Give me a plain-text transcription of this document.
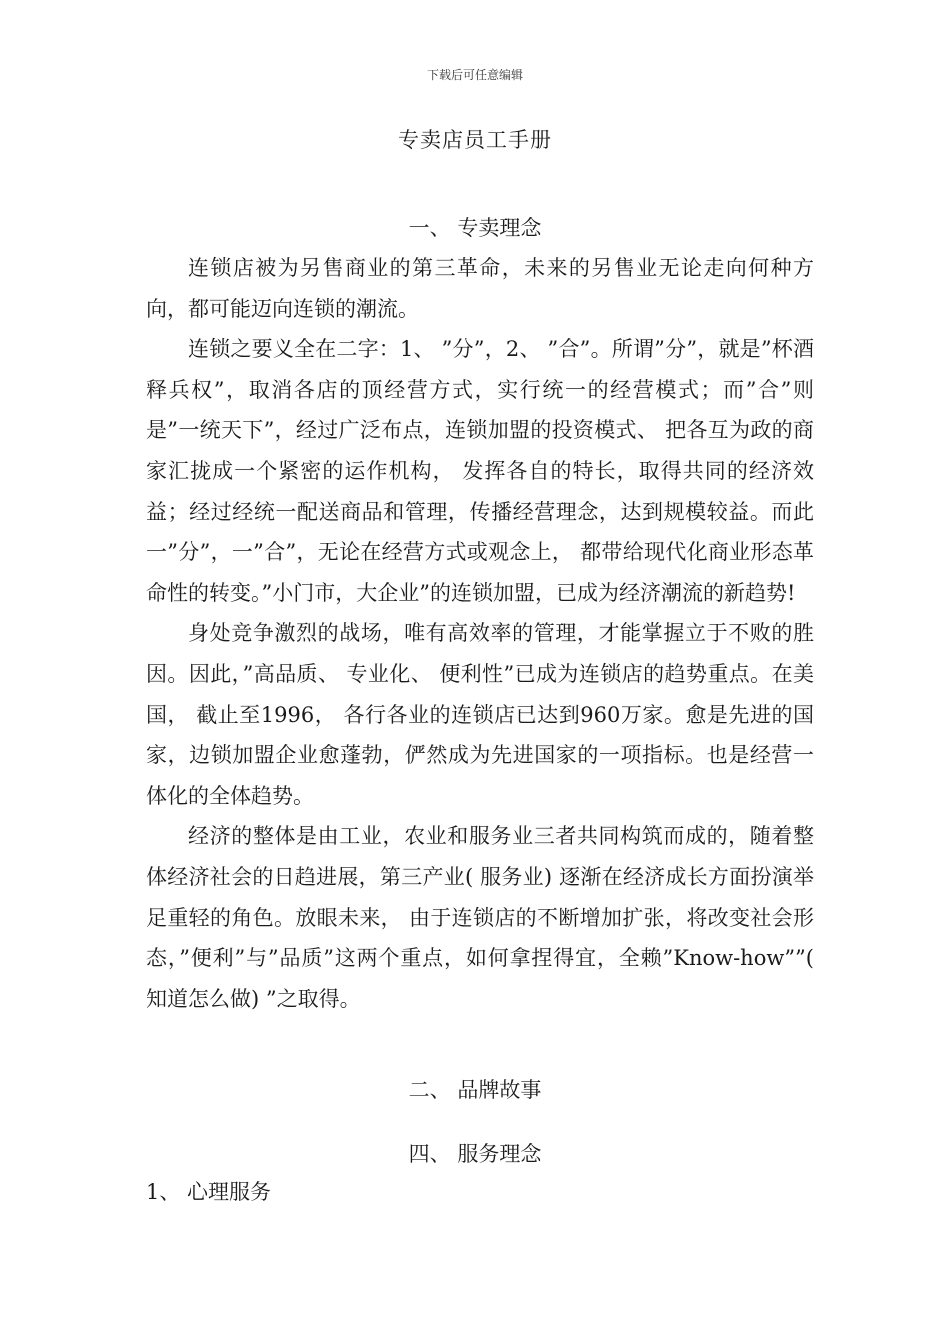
下载后可任意编辑
专卖店员工手册
一、 专卖理念

连锁店被为另售商业的第三革命，未来的另售业无论走向何种方向，都可能迈向连锁的潮流。

连锁之要义全在二字：1、 ”分”，2、 ”合”。所谓”分”，就是”杯酒释兵权”，取消各店的顶经营方式，实行统一的经营模式；而”合”则是”一统天下”，经过广泛布点，连锁加盟的投资模式、 把各互为政的商家汇拢成一个紧密的运作机构， 发挥各自的特长，取得共同的经济效益；经过经统一配送商品和管理，传播经营理念，达到规模较益。而此一”分”，一”合”，无论在经营方式或观念上， 都带给现代化商业形态革命性的转变。”小门市，大企业”的连锁加盟，已成为经济潮流的新趋势!

身处竞争激烈的战场，唯有高效率的管理，才能掌握立于不败的胜因。因此，”高品质、 专业化、 便利性”已成为连锁店的趋势重点。在美国， 截止至1996， 各行各业的连锁店已达到960万家。愈是先进的国家，边锁加盟企业愈蓬勃，俨然成为先进国家的一项指标。也是经营一体化的全体趋势。

经济的整体是由工业，农业和服务业三者共同构筑而成的，随着整体经济社会的日趋进展，第三产业( 服务业) 逐渐在经济成长方面扮演举足重轻的角色。放眼未来， 由于连锁店的不断增加扩张，将改变社会形态，”便利”与”品质”这两个重点，如何拿捏得宜，全赖”Know-how””( 知道怎么做) ”之取得。

二、 品牌故事
四、 服务理念
1、 心理服务
